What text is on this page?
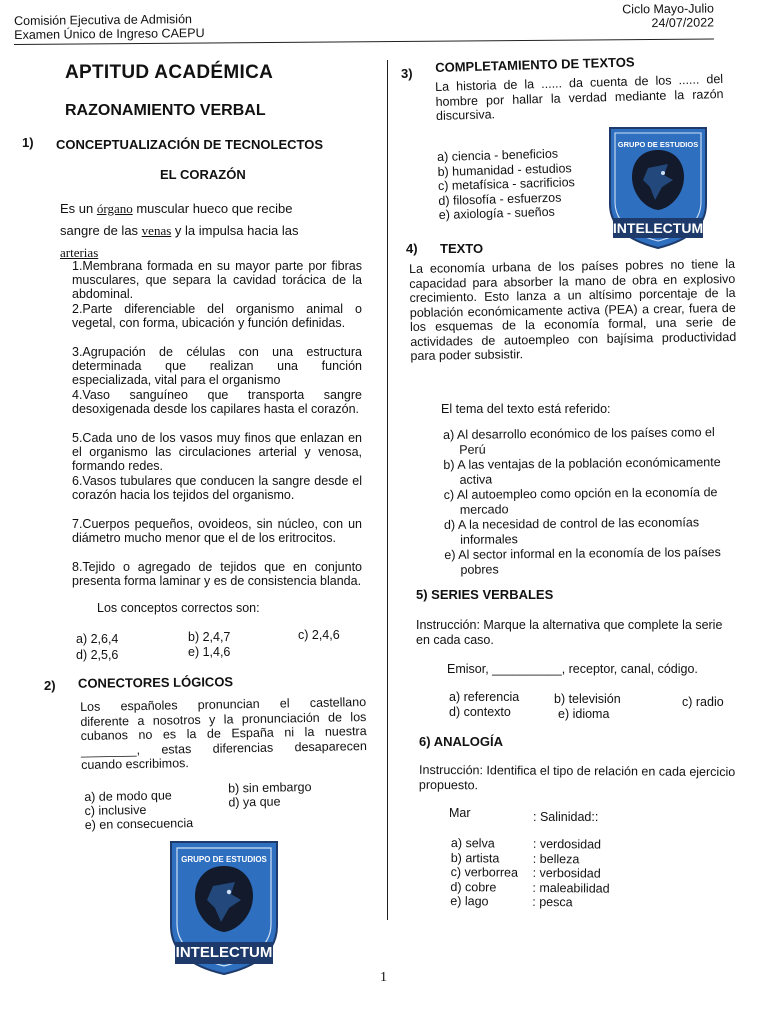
Comisión Ejecutiva de Admisión
Examen Único de Ingreso CAEPU
Ciclo Mayo-Julio
24/07/2022
APTITUD ACADÉMICA
RAZONAMIENTO VERBAL
1) CONCEPTUALIZACIÓN DE TECNOLECTOS
EL CORAZÓN
Es un órgano muscular hueco que recibe
sangre de las venas y la impulsa hacia las
arterias
1.Membrana formada en su mayor parte por fibras musculares, que separa la cavidad torácica de la abdominal.
2.Parte diferenciable del organismo animal o vegetal, con forma, ubicación y función definidas.
3.Agrupación de células con una estructura determinada que realizan una función especializada, vital para el organismo
4.Vaso sanguíneo que transporta sangre desoxigenada desde los capilares hasta el corazón.
5.Cada uno de los vasos muy finos que enlazan en el organismo las circulaciones arterial y venosa, formando redes.
6.Vasos tubulares que conducen la sangre desde el corazón hacia los tejidos del organismo.
7.Cuerpos pequeños, ovoideos, sin núcleo, con un diámetro mucho menor que el de los eritrocitos.
8.Tejido o agregado de tejidos que en conjunto presenta forma laminar y es de consistencia blanda.
Los conceptos correctos son:
a) 2,6,4	b) 2,4,7	c) 2,4,6
d) 2,5,6	e) 1,4,6
2) CONECTORES LÓGICOS
Los españoles pronuncian el castellano
diferente a nosotros y la pronunciación de los
cubanos no es la de España ni la nuestra
________ , estas diferencias desaparecen
cuando escribimos.
a) de modo que
b) sin embargo
c) inclusive
d) ya que
e) en consecuencia
GRUPO DE ESTUDIOS
INTELECTUM
3) COMPLETAMIENTO DE TEXTOS
La historia de la ...... da cuenta de los ...... del hombre por hallar la verdad mediante la razón discursiva.
a) ciencia - beneficios
b) humanidad - estudios
c) metafísica - sacrificios
d) filosofía - esfuerzos
e) axiología - sueños
GRUPO DE ESTUDIOS
INTELECTUM
4) TEXTO
La economía urbana de los países pobres no tiene la capacidad para absorber la mano de obra en explosivo crecimiento. Esto lanza a un altísimo porcentaje de la población económicamente activa (PEA) a crear, fuera de los esquemas de la economía formal, una serie de actividades de autoempleo con bajísima productividad para poder subsistir.
El tema del texto está referido:
a) Al desarrollo económico de los países como el Perú
b) A las ventajas de la población económicamente activa
c) Al autoempleo como opción en la economía de mercado
d) A la necesidad de control de las economías informales
e) Al sector informal en la economía de los países pobres
5) SERIES VERBALES
Instrucción: Marque la alternativa que complete la serie en cada caso.
Emisor, __________, receptor, canal, código.
a) referencia	b) televisión	c) radio
d) contexto	e) idioma
6) ANALOGÍA
Instrucción: Identifica el tipo de relación en cada ejercicio propuesto.
Mar	: Salinidad::
a) selva	: verdosidad
b) artista	: belleza
c) verborrea	: verbosidad
d) cobre	: maleabilidad
e) lago	: pesca
1
